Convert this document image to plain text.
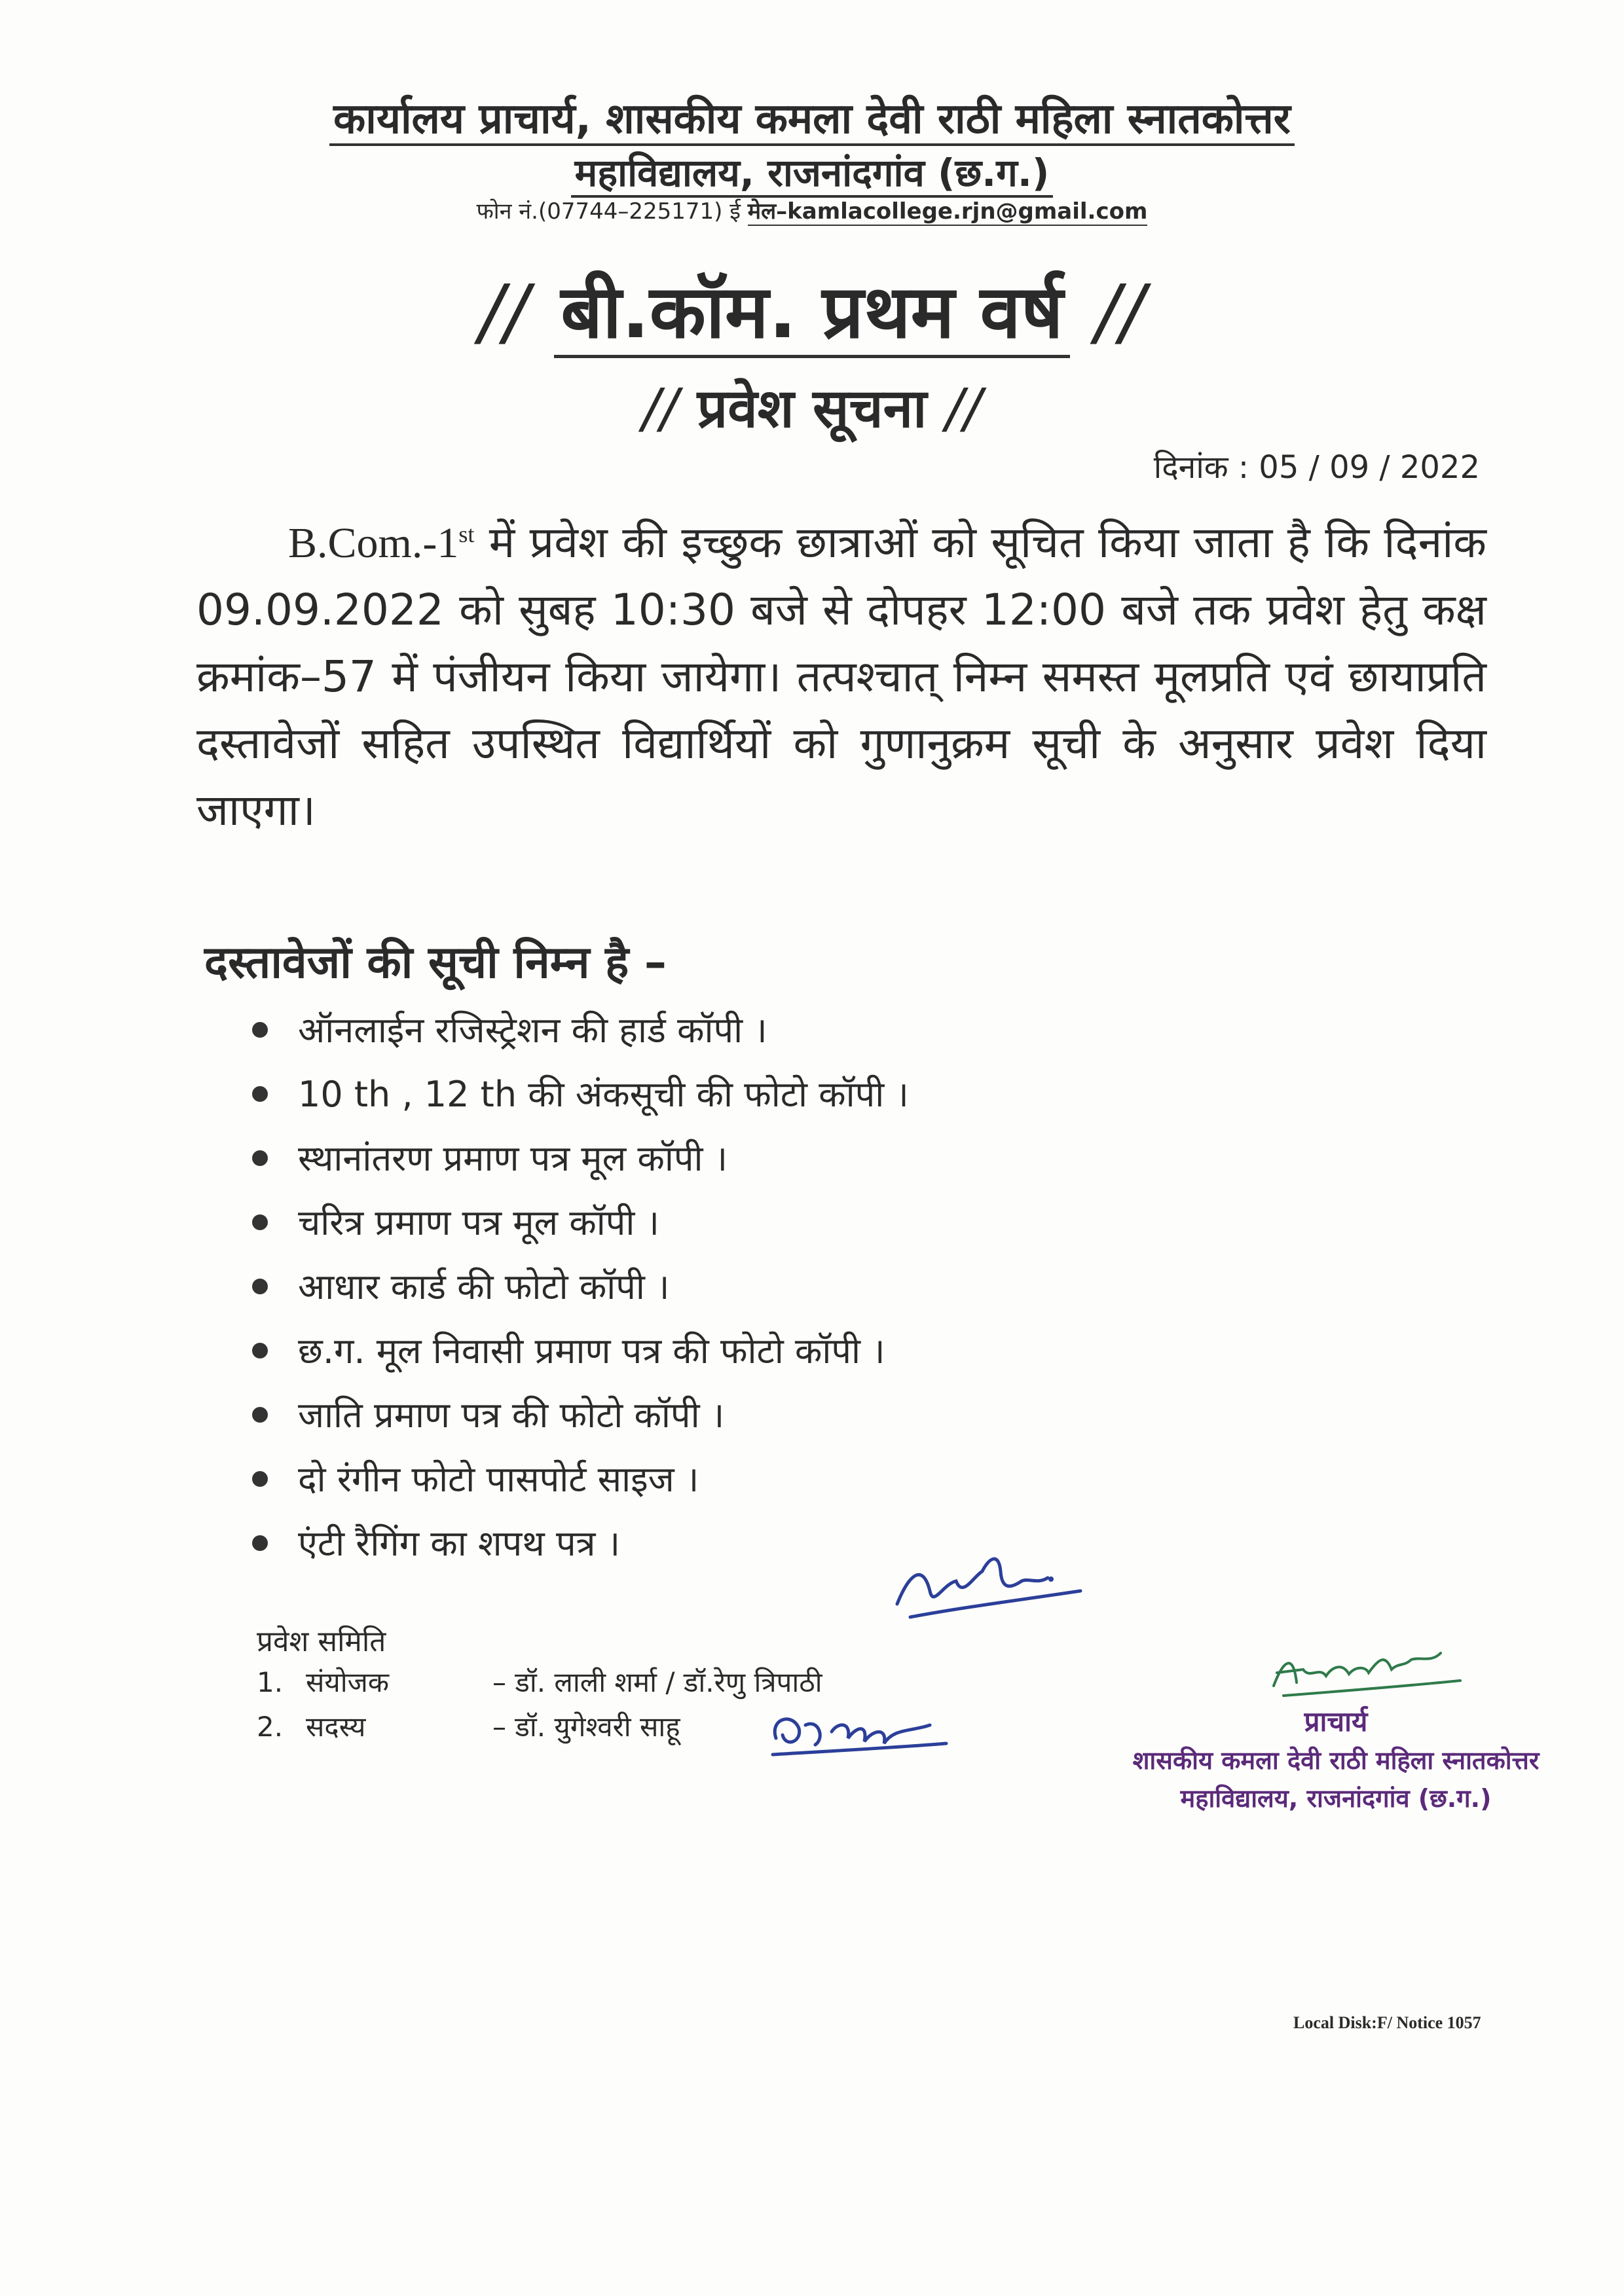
कार्यालय प्राचार्य, शासकीय कमला देवी राठी महिला स्नातकोत्तर
महाविद्यालय, राजनांदगांव (छ.ग.)
फोन नं.(07744–225171) ई मेल–kamlacollege.rjn@gmail.com
// बी.कॉम. प्रथम वर्ष //
// प्रवेश सूचना //
दिनांक : 05 / 09 / 2022
B.Com.-1st में प्रवेश की इच्छुक छात्राओं को सूचित किया जाता है कि दिनांक 09.09.2022 को सुबह 10:30 बजे से दोपहर 12:00 बजे तक प्रवेश हेतु कक्ष क्रमांक–57 में पंजीयन किया जायेगा। तत्पश्चात् निम्न समस्त मूलप्रति एवं छायाप्रति दस्तावेजों सहित उपस्थित विद्यार्थियों को गुणानुक्रम सूची के अनुसार प्रवेश दिया जाएगा।
दस्तावेजों की सूची निम्न है –
ऑनलाईन रजिस्ट्रेशन की हार्ड कॉपी ।
10 th , 12 th की अंकसूची की फोटो कॉपी ।
स्थानांतरण प्रमाण पत्र मूल कॉपी ।
चरित्र प्रमाण पत्र मूल कॉपी ।
आधार कार्ड की फोटो कॉपी ।
छ.ग. मूल निवासी प्रमाण पत्र की फोटो कॉपी ।
जाति प्रमाण पत्र की फोटो कॉपी ।
दो रंगीन फोटो पासपोर्ट साइज ।
एंटी रैगिंग का शपथ पत्र ।
प्रवेश समिति
1. संयोजक	– डॉ. लाली शर्मा / डॉ.रेणु त्रिपाठी
2. सदस्य	– डॉ. युगेश्वरी साहू	प्राचार्य
शासकीय कमला देवी राठी महिला स्नातकोत्तर
महाविद्यालय, राजनांदगांव (छ.ग.)
Local Disk:F/ Notice 1057
